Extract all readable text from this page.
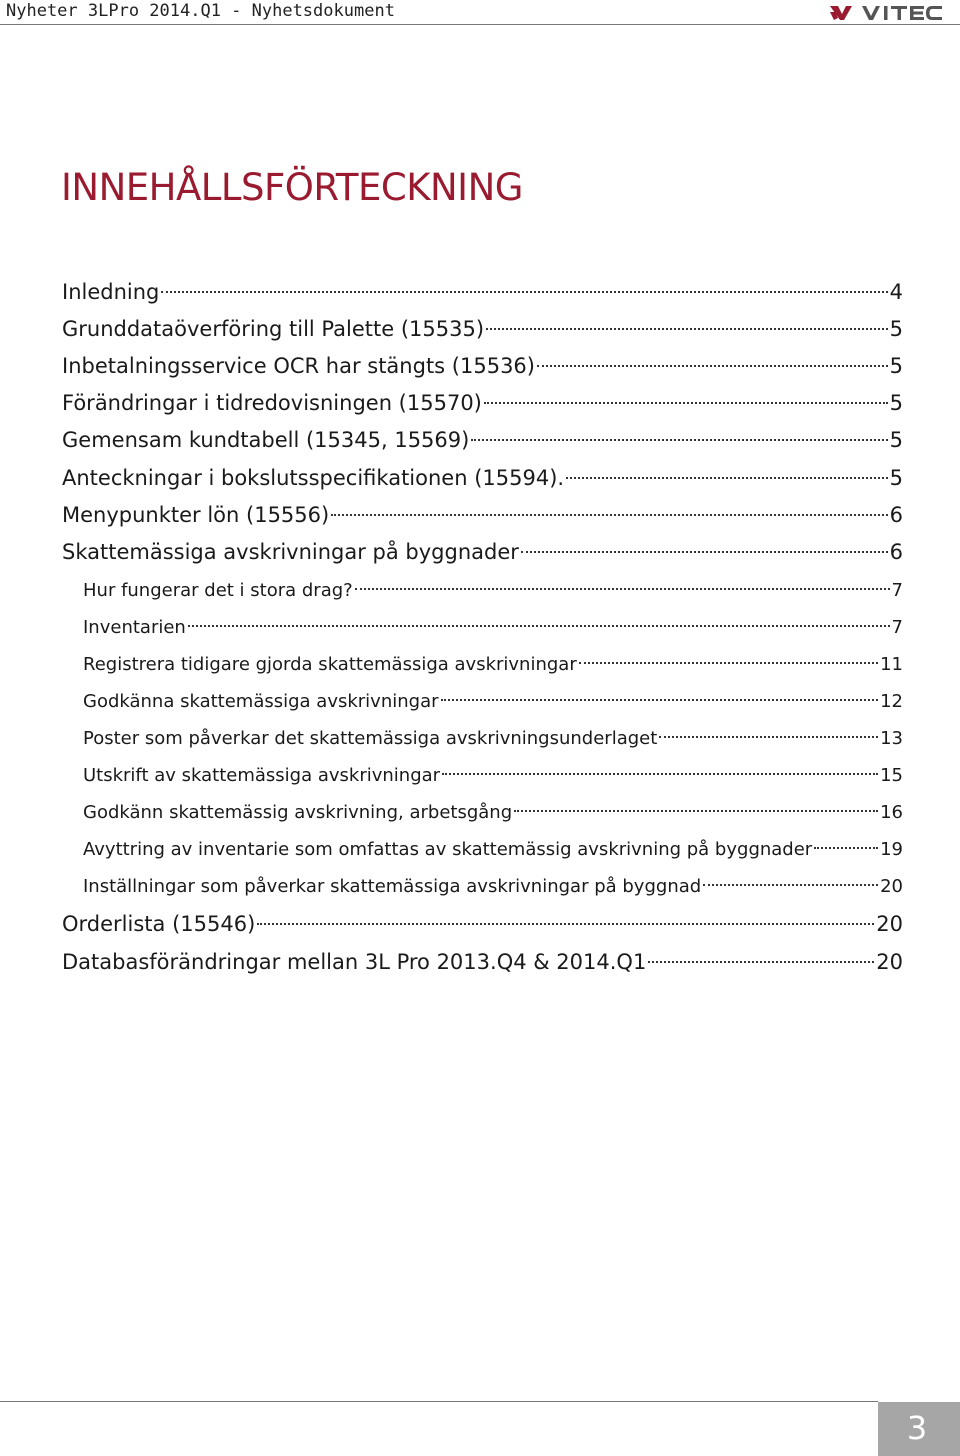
Nyheter 3LPro 2014.Q1 - Nyhetsdokument
INNEHÅLLSFÖRTECKNING
Inledning	4
Grunddataöverföring till Palette (15535)	5
Inbetalningsservice OCR har stängts (15536)	5
Förändringar i tidredovisningen (15570)	5
Gemensam kundtabell (15345, 15569)	5
Anteckningar i bokslutsspecifikationen (15594).	5
Menypunkter lön (15556)	6
Skattemässiga avskrivningar på byggnader	6
Hur fungerar det i stora drag?	7
Inventarien	7
Registrera tidigare gjorda skattemässiga avskrivningar	11
Godkänna skattemässiga avskrivningar	12
Poster som påverkar det skattemässiga avskrivningsunderlaget	13
Utskrift av skattemässiga avskrivningar	15
Godkänn skattemässig avskrivning, arbetsgång	16
Avyttring av inventarie som omfattas av skattemässig avskrivning på byggnader	19
Inställningar som påverkar skattemässiga avskrivningar på byggnad	20
Orderlista (15546)	20
Databasförändringar mellan 3L Pro 2013.Q4 & 2014.Q1	20
3
